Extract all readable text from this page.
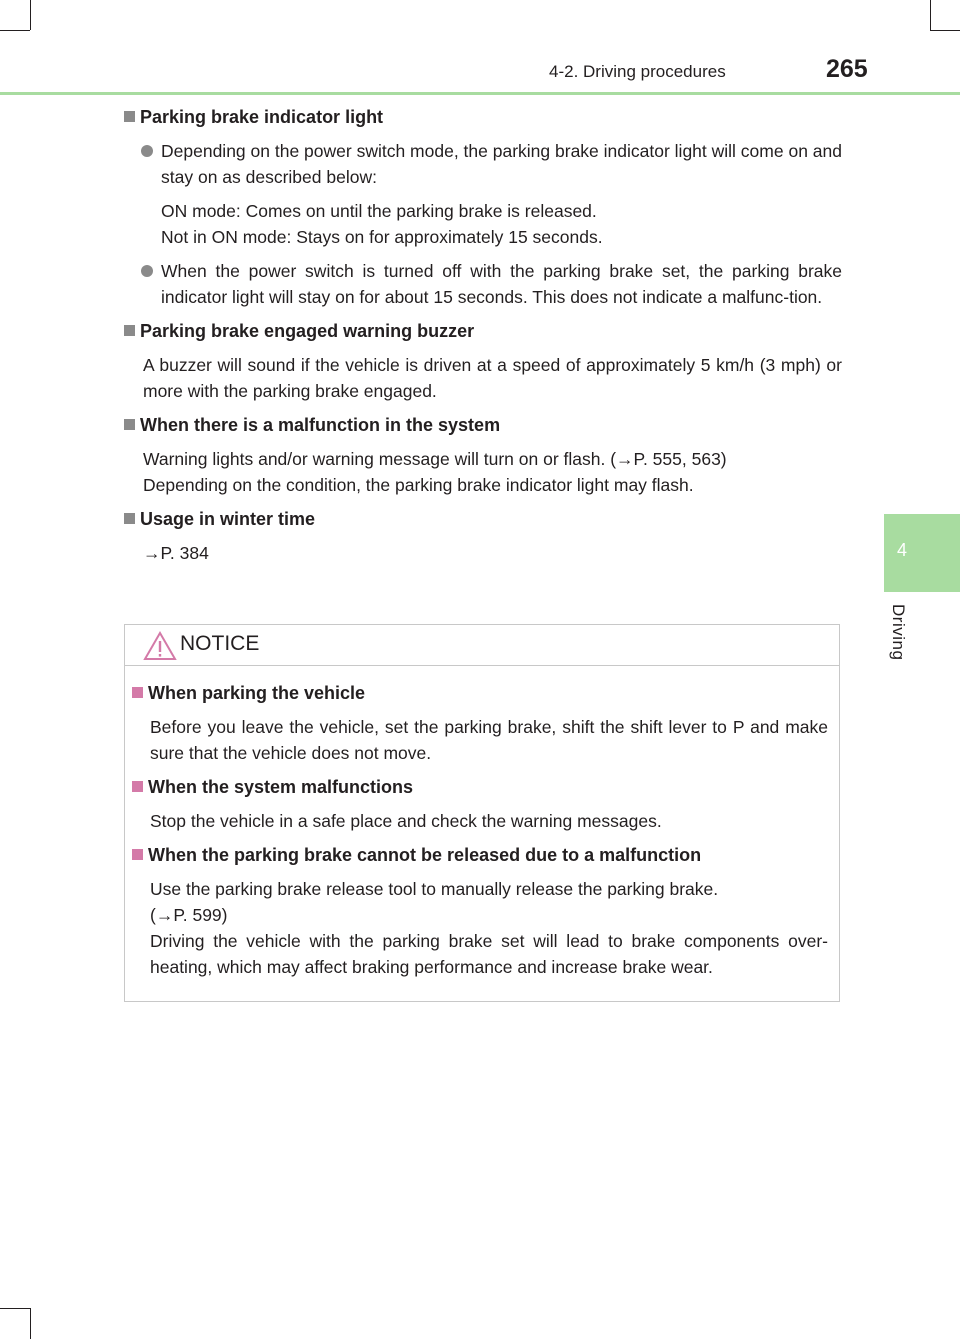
4-2. Driving procedures	265
4
Driving
Parking brake indicator light
Depending on the power switch mode, the parking brake indicator light will come on and stay on as described below:
ON mode: Comes on until the parking brake is released.
Not in ON mode: Stays on for approximately 15 seconds.
When the power switch is turned off with the parking brake set, the parking brake indicator light will stay on for about 15 seconds. This does not indicate a malfunc-tion.
Parking brake engaged warning buzzer
A buzzer will sound if the vehicle is driven at a speed of approximately 5 km/h (3 mph) or more with the parking brake engaged.
When there is a malfunction in the system
Warning lights and/or warning message will turn on or flash. (→P. 555, 563)
Depending on the condition, the parking brake indicator light may flash.
Usage in winter time
→P. 384
NOTICE
When parking the vehicle
Before you leave the vehicle, set the parking brake, shift the shift lever to P and make sure that the vehicle does not move.
When the system malfunctions
Stop the vehicle in a safe place and check the warning messages.
When the parking brake cannot be released due to a malfunction
Use the parking brake release tool to manually release the parking brake.
(→P. 599)
Driving the vehicle with the parking brake set will lead to brake components over-heating, which may affect braking performance and increase brake wear.
